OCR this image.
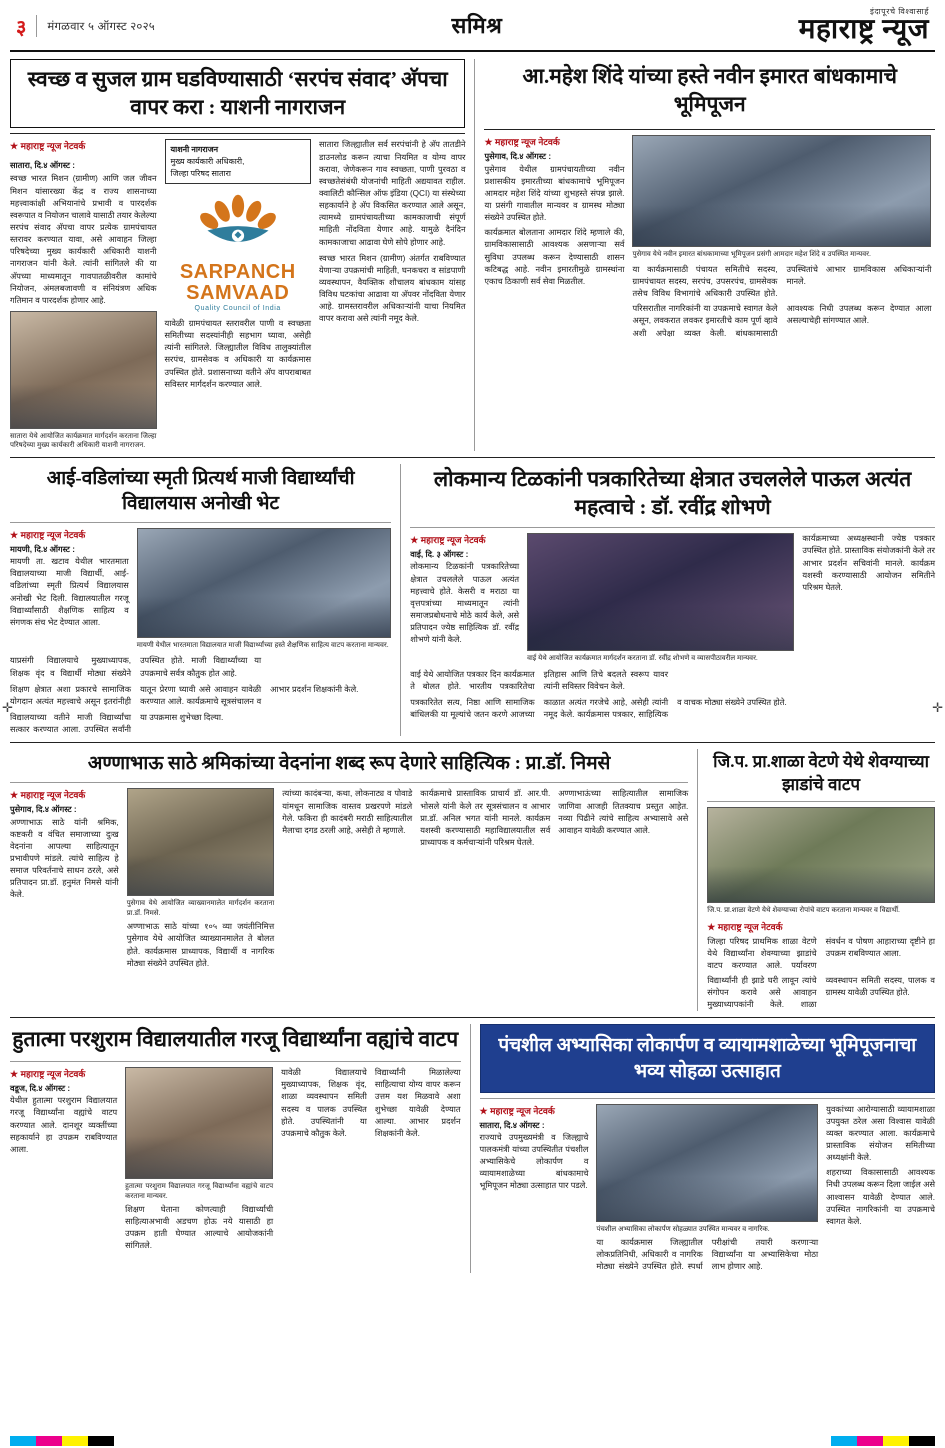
३ मंगळवार ५ ऑगस्ट २०२५	समिश्र
इंदापूरचे विश्वासार्ह
महाराष्ट्र न्यूज
स्वच्छ व सुजल ग्राम घडविण्यासाठी ‘सरपंच संवाद’ अ‍ॅपचा वापर करा : याशनी नागराजन
★ महाराष्ट्र न्यूज नेटवर्क
सातारा, दि.४ ऑगस्ट :
स्वच्छ भारत मिशन (ग्रामीण) आणि जल जीवन मिशन यांसारख्या केंद्र व राज्य शासनाच्या महत्त्वाकांक्षी अभियानांचे प्रभावी व पारदर्शक स्वरूपात व नियोजन चालावे यासाठी तयार केलेल्या सरपंच संवाद अ‍ॅपचा वापर प्रत्येक ग्रामपंचायत स्तरावर करण्यात यावा, असे आवाहन जिल्हा परिषदेच्या मुख्य कार्यकारी अधिकारी याशनी नागराजन यांनी केले. त्यांनी सांगितले की या अ‍ॅपच्या माध्यमातून गावपातळीवरील कामांचे नियोजन, अंमलबजावणी व संनियंत्रण अधिक गतिमान व पारदर्शक होणार आहे.
सातारा येथे आयोजित कार्यक्रमात मार्गदर्शन करताना जिल्हा परिषदेच्या मुख्य कार्यकारी अधिकारी याशनी नागराजन.
याशनी नागराजन
मुख्य कार्यकारी अधिकारी,
जिल्हा परिषद सातारा
SARPANCH
SAMVAAD
Quality Council of India
यावेळी ग्रामपंचायत स्तरावरील पाणी व स्वच्छता समितीच्या सदस्यांनीही सहभाग घ्यावा, असेही त्यांनी सांगितले. जिल्ह्यातील विविध तालुक्यांतील सरपंच, ग्रामसेवक व अधिकारी या कार्यक्रमास उपस्थित होते. प्रशासनाच्या वतीने अ‍ॅप वापराबाबत सविस्तर मार्गदर्शन करण्यात आले.
सातारा जिल्ह्यातील सर्व सरपंचांनी हे अ‍ॅप तातडीने डाउनलोड करून त्याचा नियमित व योग्य वापर करावा, जेणेकरून गाव स्वच्छता, पाणी पुरवठा व स्वच्छतेसंबंधी योजनांची माहिती अद्ययावत राहील. क्वालिटी कौन्सिल ऑफ इंडिया (QCI) या संस्थेच्या सहकार्याने हे अ‍ॅप विकसित करण्यात आले असून, त्यामध्ये ग्रामपंचायतीच्या कामकाजाची संपूर्ण माहिती नोंदविता येणार आहे. यामुळे दैनंदिन कामकाजाचा आढावा घेणे सोपे होणार आहे.
स्वच्छ भारत मिशन (ग्रामीण) अंतर्गत राबविण्यात येणाऱ्या उपक्रमांची माहिती, घनकचरा व सांडपाणी व्यवस्थापन, वैयक्तिक शौचालय बांधकाम यांसह विविध घटकांचा आढावा या अ‍ॅपवर नोंदविता येणार आहे. ग्रामस्तरावरील अधिकाऱ्यांनी याचा नियमित वापर करावा असे त्यांनी नमूद केले.
आ.महेश शिंदे यांच्या हस्ते नवीन इमारत बांधकामाचे भूमिपूजन
★ महाराष्ट्र न्यूज नेटवर्क
पुसेगाव, दि.४ ऑगस्ट :
पुसेगाव येथील ग्रामपंचायतीच्या नवीन प्रशासकीय इमारतीच्या बांधकामाचे भूमिपूजन आमदार महेश शिंदे यांच्या शुभहस्ते संपन्न झाले. या प्रसंगी गावातील मान्यवर व ग्रामस्थ मोठ्या संख्येने उपस्थित होते.
कार्यक्रमात बोलताना आमदार शिंदे म्हणाले की, ग्रामविकासासाठी आवश्यक असणाऱ्या सर्व सुविधा उपलब्ध करून देण्यासाठी शासन कटिबद्ध आहे. नवीन इमारतीमुळे ग्रामस्थांना एकाच ठिकाणी सर्व सेवा मिळतील.
पुसेगाव येथे नवीन इमारत बांधकामाच्या भूमिपूजन प्रसंगी आमदार महेश शिंदे व उपस्थित मान्यवर.
या कार्यक्रमासाठी पंचायत समितीचे सदस्य, ग्रामपंचायत सदस्य, सरपंच, उपसरपंच, ग्रामसेवक तसेच विविध विभागांचे अधिकारी उपस्थित होते. उपस्थितांचे आभार ग्रामविकास अधिकाऱ्यांनी मानले.
परिसरातील नागरिकांनी या उपक्रमाचे स्वागत केले असून, लवकरात लवकर इमारतीचे काम पूर्ण व्हावे अशी अपेक्षा व्यक्त केली. बांधकामासाठी आवश्यक निधी उपलब्ध करून देण्यात आला असल्याचेही सांगण्यात आले.
आई-वडिलांच्या स्मृती प्रित्यर्थ माजी विद्यार्थ्यांची विद्यालयास अनोखी भेट
★ महाराष्ट्र न्यूज नेटवर्क
मायणी, दि.४ ऑगस्ट :
मायणी ता. खटाव येथील भारतमाता विद्यालयाच्या माजी विद्यार्थी, आई-वडिलांच्या स्मृती प्रित्यर्थ विद्यालयास अनोखी भेट दिली. विद्यालयातील गरजू विद्यार्थ्यांसाठी शैक्षणिक साहित्य व संगणक संच भेट देण्यात आला.
मायणी येथील भारतमाता विद्यालयात माजी विद्यार्थ्यांच्या हस्ते शैक्षणिक साहित्य वाटप करताना मान्यवर.
याप्रसंगी विद्यालयाचे मुख्याध्यापक, शिक्षक वृंद व विद्यार्थी मोठ्या संख्येने उपस्थित होते. माजी विद्यार्थ्यांच्या या उपक्रमाचे सर्वत्र कौतुक होत आहे.
शिक्षण क्षेत्रात अशा प्रकारचे सामाजिक योगदान अत्यंत महत्त्वाचे असून इतरांनीही यातून प्रेरणा घ्यावी असे आवाहन यावेळी करण्यात आले. कार्यक्रमाचे सूत्रसंचालन व आभार प्रदर्शन शिक्षकांनी केले.
विद्यालयाच्या वतीने माजी विद्यार्थ्यांचा सत्कार करण्यात आला. उपस्थित सर्वांनी या उपक्रमास शुभेच्छा दिल्या.
लोकमान्य टिळकांनी पत्रकारितेच्या क्षेत्रात उचललेले पाऊल अत्यंत महत्वाचे : डॉ. रवींद्र शोभणे
★ महाराष्ट्र न्यूज नेटवर्क
वाई, दि. ३ ऑगस्ट :
लोकमान्य टिळकांनी पत्रकारितेच्या क्षेत्रात उचललेले पाऊल अत्यंत महत्त्वाचे होते. केसरी व मराठा या वृत्तपत्रांच्या माध्यमातून त्यांनी समाजप्रबोधनाचे मोठे कार्य केले, असे प्रतिपादन ज्येष्ठ साहित्यिक डॉ. रवींद्र शोभणे यांनी केले.
वाई येथे आयोजित कार्यक्रमात मार्गदर्शन करताना डॉ. रवींद्र शोभणे व व्यासपीठावरील मान्यवर.
कार्यक्रमाच्या अध्यक्षस्थानी ज्येष्ठ पत्रकार उपस्थित होते. प्रास्ताविक संयोजकांनी केले तर आभार प्रदर्शन सचिवांनी मानले. कार्यक्रम यशस्वी करण्यासाठी आयोजन समितीने परिश्रम घेतले.
वाई येथे आयोजित पत्रकार दिन कार्यक्रमात ते बोलत होते. भारतीय पत्रकारितेचा इतिहास आणि तिचे बदलते स्वरूप यावर त्यांनी सविस्तर विवेचन केले.
पत्रकारितेत सत्य, निष्ठा आणि सामाजिक बांधिलकी या मूल्यांचे जतन करणे आजच्या काळात अत्यंत गरजेचे आहे, असेही त्यांनी नमूद केले. कार्यक्रमास पत्रकार, साहित्यिक व वाचक मोठ्या संख्येने उपस्थित होते.
अण्णाभाऊ साठे श्रमिकांच्या वेदनांना शब्द रूप देणारे साहित्यिक : प्रा.डॉ. निमसे
★ महाराष्ट्र न्यूज नेटवर्क
पुसेगाव, दि.४ ऑगस्ट :
अण्णाभाऊ साठे यांनी श्रमिक, कष्टकरी व वंचित समाजाच्या दुःख वेदनांना आपल्या साहित्यातून प्रभावीपणे मांडले. त्यांचे साहित्य हे समाज परिवर्तनाचे साधन ठरले, असे प्रतिपादन प्रा.डॉ. हनुमंत निमसे यांनी केले.
पुसेगाव येथे आयोजित व्याख्यानमालेत मार्गदर्शन करताना प्रा.डॉ. निमसे.
अण्णाभाऊ साठे यांच्या १०५ व्या जयंतीनिमित्त पुसेगाव येथे आयोजित व्याख्यानमालेत ते बोलत होते. कार्यक्रमास प्राध्यापक, विद्यार्थी व नागरिक मोठ्या संख्येने उपस्थित होते.
त्यांच्या कादंबऱ्या, कथा, लोकनाट्य व पोवाडे यांमधून सामाजिक वास्तव प्रखरपणे मांडले गेले. फकिरा ही कादंबरी मराठी साहित्यातील मैलाचा दगड ठरली आहे, असेही ते म्हणाले.
कार्यक्रमाचे प्रास्ताविक प्राचार्य डॉ. आर.पी. भोसले यांनी केले तर सूत्रसंचालन व आभार प्रा.डॉ. अनिल भगत यांनी मानले. कार्यक्रम यशस्वी करण्यासाठी महाविद्यालयातील सर्व प्राध्यापक व कर्मचाऱ्यांनी परिश्रम घेतले.
अण्णाभाऊंच्या साहित्यातील सामाजिक जाणिवा आजही तितक्याच प्रस्तुत आहेत. नव्या पिढीने त्यांचे साहित्य अभ्यासावे असे आवाहन यावेळी करण्यात आले.
जि.प. प्रा.शाळा वेटणे येथे शेवग्याच्या झाडांचे वाटप
जि.प. प्रा.शाळा वेटणे येथे शेवग्याच्या रोपांचे वाटप करताना मान्यवर व विद्यार्थी.
★ महाराष्ट्र न्यूज नेटवर्क
जिल्हा परिषद प्राथमिक शाळा वेटणे येथे विद्यार्थ्यांना शेवग्याच्या झाडांचे वाटप करण्यात आले. पर्यावरण संवर्धन व पोषण आहाराच्या दृष्टीने हा उपक्रम राबविण्यात आला.
विद्यार्थ्यांनी ही झाडे घरी लावून त्यांचे संगोपन करावे असे आवाहन मुख्याध्यापकांनी केले. शाळा व्यवस्थापन समिती सदस्य, पालक व ग्रामस्थ यावेळी उपस्थित होते.
हुतात्मा परशुराम विद्यालयातील गरजू विद्यार्थ्यांना वह्यांचे वाटप
★ महाराष्ट्र न्यूज नेटवर्क
वडूज, दि.४ ऑगस्ट :
येथील हुतात्मा परशुराम विद्यालयात गरजू विद्यार्थ्यांना वह्यांचे वाटप करण्यात आले. दानशूर व्यक्तींच्या सहकार्याने हा उपक्रम राबविण्यात आला.
हुतात्मा परशुराम विद्यालयात गरजू विद्यार्थ्यांना वह्यांचे वाटप करताना मान्यवर.
शिक्षण घेताना कोणत्याही विद्यार्थ्याची साहित्याअभावी अडचण होऊ नये यासाठी हा उपक्रम हाती घेण्यात आल्याचे आयोजकांनी सांगितले.
यावेळी विद्यालयाचे मुख्याध्यापक, शिक्षक वृंद, शाळा व्यवस्थापन समिती सदस्य व पालक उपस्थित होते. उपस्थितांनी या उपक्रमाचे कौतुक केले.
विद्यार्थ्यांनी मिळालेल्या साहित्याचा योग्य वापर करून उत्तम यश मिळवावे अशा शुभेच्छा यावेळी देण्यात आल्या. आभार प्रदर्शन शिक्षकांनी केले.
पंचशील अभ्यासिका लोकार्पण व व्यायामशाळेच्या भूमिपूजनाचा भव्य सोहळा उत्साहात
★ महाराष्ट्र न्यूज नेटवर्क
सातारा, दि.४ ऑगस्ट :
राज्याचे उपमुख्यमंत्री व जिल्ह्याचे पालकमंत्री यांच्या उपस्थितीत पंचशील अभ्यासिकेचे लोकार्पण व व्यायामशाळेच्या बांधकामाचे भूमिपूजन मोठ्या उत्साहात पार पडले.
पंचशील अभ्यासिका लोकार्पण सोहळ्यात उपस्थित मान्यवर व नागरिक.
या कार्यक्रमास जिल्ह्यातील लोकप्रतिनिधी, अधिकारी व नागरिक मोठ्या संख्येने उपस्थित होते. स्पर्धा परीक्षांची तयारी करणाऱ्या विद्यार्थ्यांना या अभ्यासिकेचा मोठा लाभ होणार आहे.
युवकांच्या आरोग्यासाठी व्यायामशाळा उपयुक्त ठरेल असा विश्वास यावेळी व्यक्त करण्यात आला. कार्यक्रमाचे प्रास्ताविक संयोजन समितीच्या अध्यक्षांनी केले.
शहराच्या विकासासाठी आवश्यक निधी उपलब्ध करून दिला जाईल असे आश्वासन यावेळी देण्यात आले. उपस्थित नागरिकांनी या उपक्रमाचे स्वागत केले.
✛	✛
